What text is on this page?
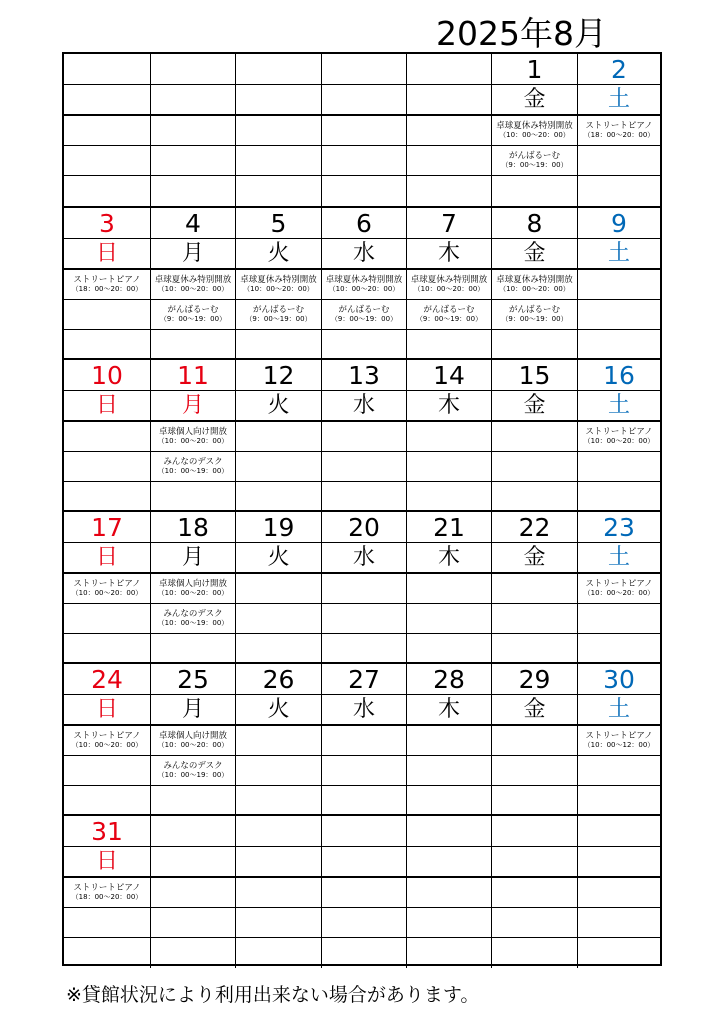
2025年8月
1
金
卓球夏休み特別開放
（10：00〜20：00）
がんばるーむ
（9：00〜19：00）
2
土
ストリートピアノ
（18：00〜20：00）
3
日
ストリートピアノ
（18：00〜20：00）
4
月
卓球夏休み特別開放
（10：00〜20：00）
がんばるーむ
（9：00〜19：00）
5
火
卓球夏休み特別開放
（10：00〜20：00）
がんばるーむ
（9：00〜19：00）
6
水
卓球夏休み特別開放
（10：00〜20：00）
がんばるーむ
（9：00〜19：00）
7
木
卓球夏休み特別開放
（10：00〜20：00）
がんばるーむ
（9：00〜19：00）
8
金
卓球夏休み特別開放
（10：00〜20：00）
がんばるーむ
（9：00〜19：00）
9
土
10
日
11
月
卓球個人向け開放
（10：00〜20：00）
みんなのデスク
（10：00〜19：00）
12
火
13
水
14
木
15
金
16
土
ストリートピアノ
（10：00〜20：00）
17
日
ストリートピアノ
（10：00〜20：00）
18
月
卓球個人向け開放
（10：00〜20：00）
みんなのデスク
（10：00〜19：00）
19
火
20
水
21
木
22
金
23
土
ストリートピアノ
（10：00〜20：00）
24
日
ストリートピアノ
（10：00〜20：00）
25
月
卓球個人向け開放
（10：00〜20：00）
みんなのデスク
（10：00〜19：00）
26
火
27
水
28
木
29
金
30
土
ストリートピアノ
（10：00〜12：00）
31
日
ストリートピアノ
（18：00〜20：00）
※貸館状況により利用出来ない場合があります。
